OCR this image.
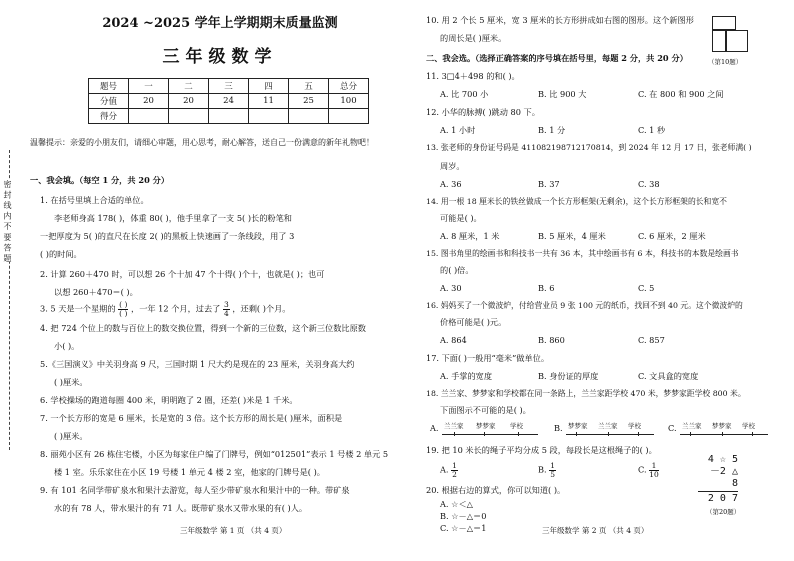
密 封 线 内 不 要 答 题
2024 ~2025 学年上学期期末质量监测
三年级数学
题号	一	二	三	四	五	总分
分值	20	20	24	11	25	100
得分						
温馨提示：亲爱的小朋友们，请细心审题，用心思考，耐心解答，送自己一份满意的新年礼物吧！
一、我会填。（每空 1 分，共 20 分）
1. 在括号里填上合适的单位。
李老师身高 178( )，体重 80( )，他手里拿了一支 5( )长的粉笔和
一把厚度为 5( )的直尺在长度 2( )的黑板上快速画了一条线段，用了 3
( )的时间。
2. 计算 260＋470 时，可以想 26 个十加 47 个十得( )个十，也就是( )；也可
以想 260＋470＝( )。
3. 5 天是一个星期的 $\frac{( )}{( )}$ ，一年 12 个月，过去了 $\frac{3}{4}$ ，还剩( )个月。
4. 把 724 个位上的数与百位上的数交换位置，得到一个新的三位数，这个新三位数比原数
小( )。
5.《三国演义》中关羽身高 9 尺，三国时期 1 尺大约是现在的 23 厘米，关羽身高大约
( )厘米。
6. 学校操场的跑道每圈 400 米，明明跑了 2 圈，还差( )米是 1 千米。
7. 一个长方形的宽是 6 厘米，长是宽的 3 倍。这个长方形的周长是( )厘米，面积是
( )厘米。
8. 丽苑小区有 26 栋住宅楼，小区为每家住户编了门牌号，例如“012501”表示 1 号楼 2 单元 5
楼 1 室。乐乐家住在小区 19 号楼 1 单元 4 楼 2 室，他家的门牌号是( )。
9. 有 101 名同学带矿泉水和果汁去游览，每人至少带矿泉水和果汁中的一种。带矿泉
水的有 78 人，带水果汁的有 71 人。既带矿泉水又带水果的有( )人。
三年级数学 第 1 页 （共 4 页）
10. 用 2 个长 5 厘米，宽 3 厘米的长方形拼成如右图的图形。这个新图形
的周长是( )厘米。
（第10题）
二、我会选。（选择正确答案的序号填在括号里，每题 2 分，共 20 分）
11. 3□4＋498 的和( )。
A. 比 700 小	B. 比 900 大	C. 在 800 和 900 之间
12. 小华的脉搏( )跳动 80 下。
A. 1 小时	B. 1 分	C. 1 秒
13. 张老师的身份证号码是 411082198712170814，到 2024 年 12 月 17 日，张老师满( )
周岁。
A. 36	B. 37	C. 38
14. 用一根 18 厘米长的铁丝做成一个长方形框架(无剩余)，这个长方形框架的长和宽不
可能是( )。
A. 8 厘米，1 米	B. 5 厘米，4 厘米	C. 6 厘米，2 厘米
15. 图书角里的绘画书和科技书一共有 36 本，其中绘画书有 6 本，科技书的本数是绘画书
的( )倍。
A. 30	B. 6	C. 5
16. 妈妈买了一个微波炉，付给营业员 9 张 100 元的纸币，找回不到 40 元。这个微波炉的
价格可能是( )元。
A. 864	B. 860	C. 857
17. 下面( )一般用“毫米”做单位。
A. 手掌的宽度	B. 身份证的厚度	C. 文具盒的宽度
18. 兰兰家、梦梦家和学校都在同一条路上，兰兰家距学校 470 米，梦梦家距学校 800 米。
下面图示不可能的是( )。
A. 兰兰家 梦梦家 学校	B. 梦梦家 兰兰家 学校	C. 兰兰家 梦梦家 学校
19. 把 10 米长的绳子平均分成 5 段，每段长是这根绳子的( )。
A. $\frac{1}{2}$	B. $\frac{1}{5}$	C. $\frac{1}{10}$
20. 根据右边的算式，你可以知道( )。
A. ☆＜△
B. ☆－△＝0
C. ☆－△＝1
4 ☆ 5
－2 △ 8
2 0 7
（第20题）
三年级数学 第 2 页 （共 4 页）
